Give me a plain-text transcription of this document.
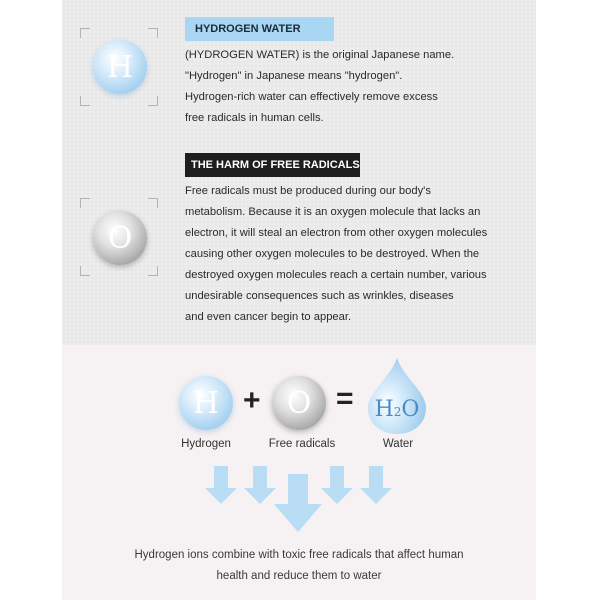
H
HYDROGEN WATER

(HYDROGEN WATER) is the original Japanese name.
"Hydrogen" in Japanese means "hydrogen".
Hydrogen-rich water can effectively remove excess
free radicals in human cells.

O
THE HARM OF FREE RADICALS

Free radicals must be produced during our body's
metabolism. Because it is an oxygen molecule that lacks an
electron, it will steal an electron from other oxygen molecules
causing other oxygen molecules to be destroyed. When the
destroyed oxygen molecules reach a certain number, various
undesirable consequences such as wrinkles, diseases
and even cancer begin to appear.

H + O = H2O
Hydrogen	Free radicals	Water

Hydrogen ions combine with toxic free radicals that affect human
health and reduce them to water
